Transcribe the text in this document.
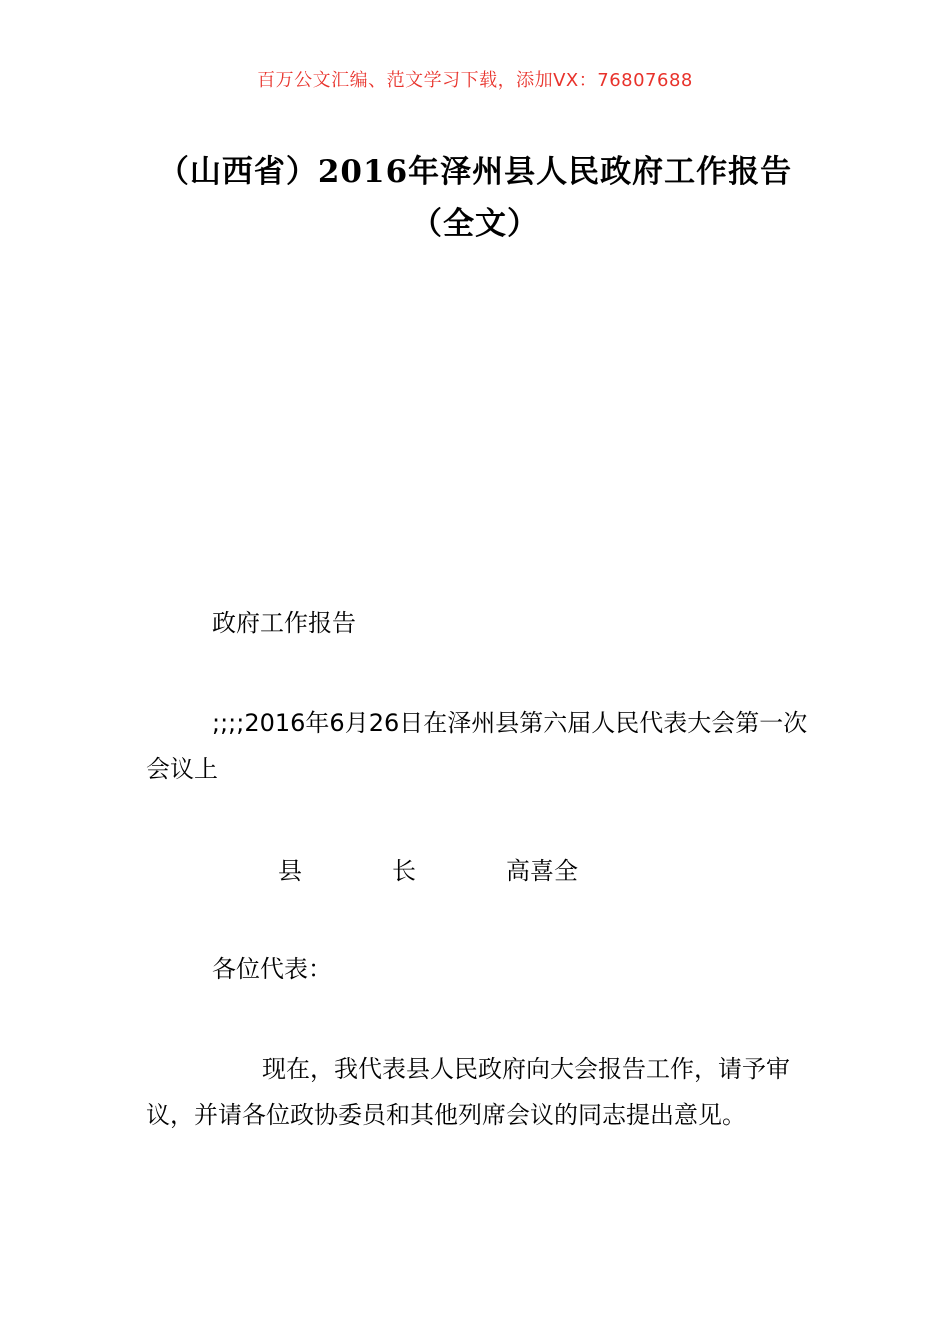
百万公文汇编、范文学习下载，添加VX：76807688
（山西省）2016年泽州县人民政府工作报告（全文）

政府工作报告

;;;;2016年6月26日在泽州县第六届人民代表大会第一次会议上

县	长	高喜全

各位代表：

现在，我代表县人民政府向大会报告工作，请予审议，并请各位政协委员和其他列席会议的同志提出意见。
